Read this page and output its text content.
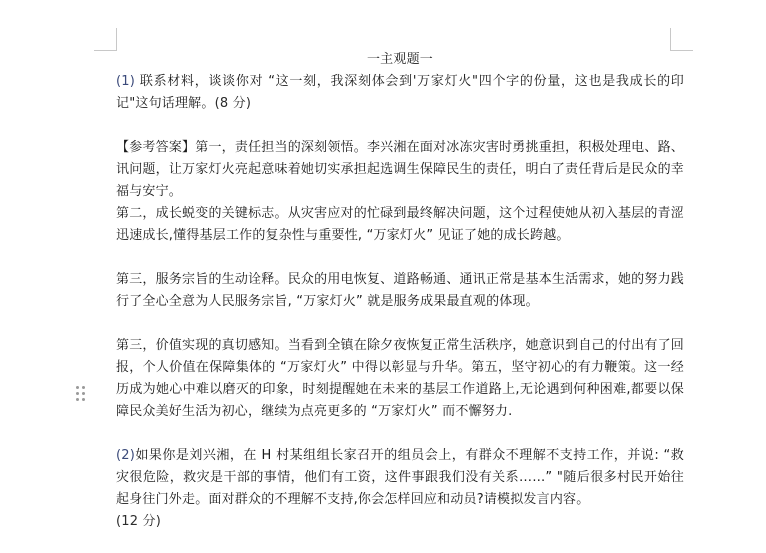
一主观题一

(1) 联系材料，谈谈你对 “这一刻，我深刻体会到'万家灯火"四个字的份量，这也是我成长的印记"这句话理解。(8 分)

【参考答案】第一，责任担当的深刻领悟。李兴湘在面对冰冻灾害时勇挑重担，积极处理电、路、讯问题，让万家灯火亮起意味着她切实承担起选调生保障民生的责任，明白了责任背后是民众的幸福与安宁。

第二，成长蜕变的关键标志。从灾害应对的忙碌到最终解决问题，这个过程使她从初入基层的青涩迅速成长,懂得基层工作的复杂性与重要性, “万家灯火” 见证了她的成长跨越。

第三，服务宗旨的生动诠释。民众的用电恢复、道路畅通、通讯正常是基本生活需求，她的努力践行了全心全意为人民服务宗旨, “万家灯火” 就是服务成果最直观的体现。

第三，价值实现的真切感知。当看到全镇在除夕夜恢复正常生活秩序，她意识到自己的付出有了回报，个人价值在保障集体的 “万家灯火” 中得以彰显与升华。第五，坚守初心的有力鞭策。这一经历成为她心中难以磨灭的印象，时刻提醒她在未来的基层工作道路上,无论遇到何种困难,都要以保障民众美好生活为初心，继续为点亮更多的 “万家灯火” 而不懈努力.

(2)如果你是刘兴湘，在 H 村某组组长家召开的组员会上，有群众不理解不支持工作，并说: “救灾很危险，救灾是干部的事情，他们有工资，这件事跟我们没有关系……” "随后很多村民开始往起身往门外走。面对群众的不理解不支持,你会怎样回应和动员?请模拟发言内容。

(12 分)
